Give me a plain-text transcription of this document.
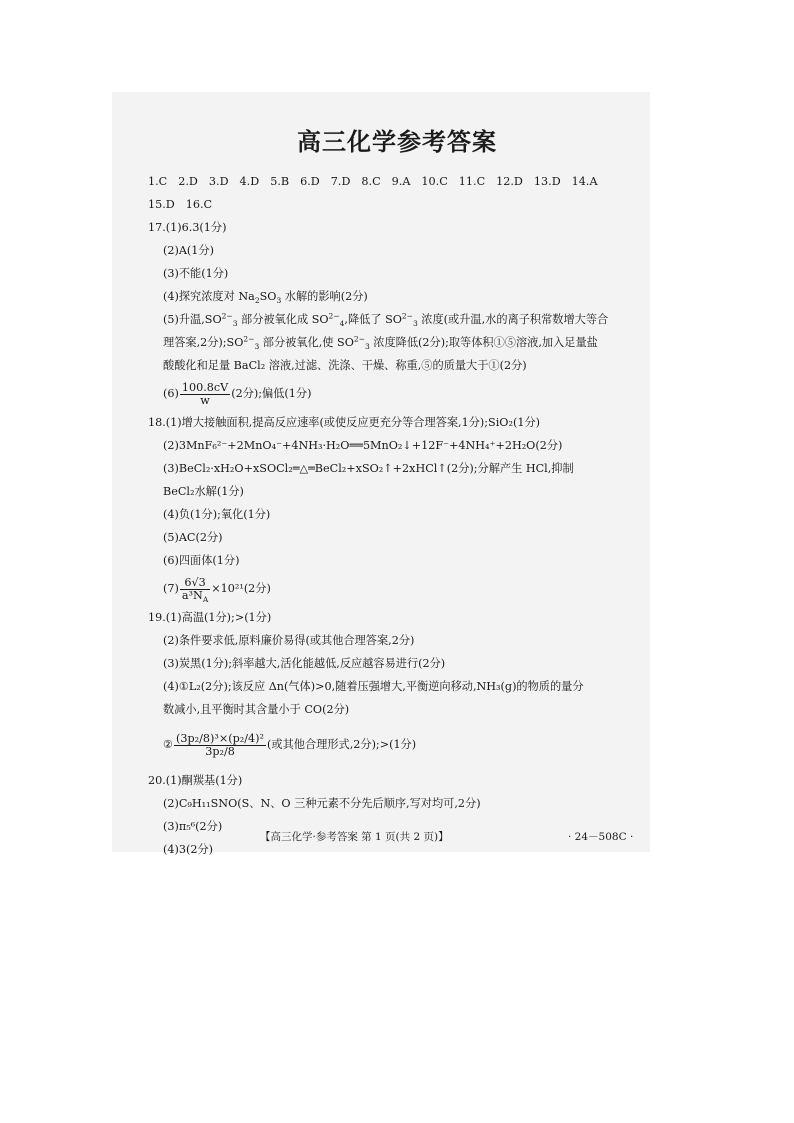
高三化学参考答案
1.C 2.D 3.D 4.D 5.B 6.D 7.D 8.C 9.A 10.C 11.C 12.D 13.D 14.A
15.D 16.C
17.(1)6.3(1分)
(2)A(1分)
(3)不能(1分)
(4)探究浓度对 $Na_2SO_3$ 水解的影响(2分)
(5)升温$,SO^{2-}_3$ 部分被氧化成 $SO^{2-}_4$,降低了 $SO^{2-}_3$ 浓度(或升温,水的离子积常数增大等合
理答案,2分)$;SO^{2-}_3$ 部分被氧化,使 $SO^{2-}_3$ 浓度降低(2分);取等体积①⑤溶液,加入足量盐
酸酸化和足量 BaCl₂ 溶液,过滤、洗涤、干燥、称重,⑤的质量大于①(2分)
$(6) \frac{100.8cV}{w} (2$分);偏低(1分)
18.(1)增大接触面积,提高反应速率(或使反应更充分等合理答案,1分);SiO₂(1分)
(2)3MnF₆²⁻+2MnO₄⁻+4NH₃·H₂O══5MnO₂↓+12F⁻+4NH₄⁺+2H₂O(2分)
(3)BeCl₂·xH₂O+xSOCl₂═△═BeCl₂+xSO₂↑+2xHCl↑(2分);分解产生 HCl,抑制
BeCl₂水解(1分)
(4)负(1分);氧化(1分)
(5)AC(2分)
(6)四面体(1分)
$(7) \frac{6√3}{a^3N_A} \times 10^{21}(2$分)
19.(1)高温(1分);>(1分)
(2)条件要求低,原料廉价易得(或其他合理答案,2分)
(3)炭黑(1分);斜率越大,活化能越低,反应越容易进行(2分)
(4)①L₂(2分);该反应 Δn(气体)>0,随着压强增大,平衡逆向移动,NH₃(g)的物质的量分
数减小,且平衡时其含量小于 CO(2分)
② $\frac{\text{(3p₂/8)³×(p₂/4)²}}{\text{3p₂/8}}$ (或其他合理形式,2分);>(1分)
20.(1)酮羰基(1分)
(2)C₉H₁₁SNO(S、N、O 三种元素不分先后顺序,写对均可,2分)
(3)π₅⁶(2分)
(4)3(2分)
【高三化学·参考答案 第 1 页(共 2 页)】	· 24－508C ·
